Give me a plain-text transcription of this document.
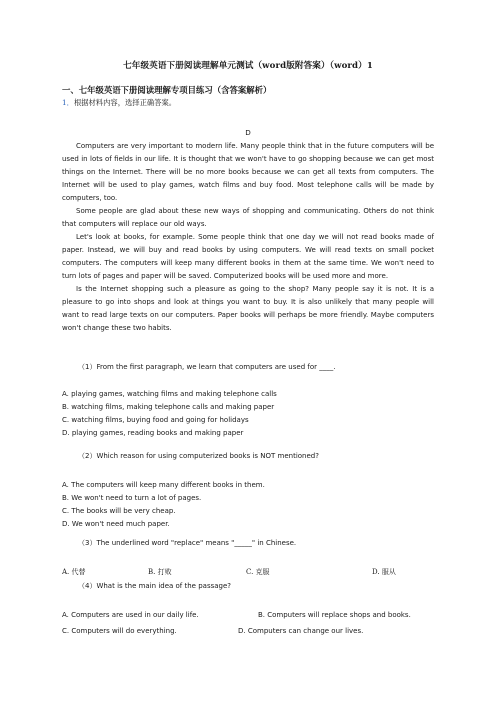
七年级英语下册阅读理解单元测试（word版附答案）（word）1
一、七年级英语下册阅读理解专项目练习（含答案解析）
1．根据材料内容，选择正确答案。
D

Computers are very important to modern life. Many people think that in the future computers will be used in lots of fields in our life. It is thought that we won't have to go shopping because we can get most things on the Internet. There will be no more books because we can get all texts from computers. The Internet will be used to play games, watch films and buy food. Most telephone calls will be made by computers, too.

Some people are glad about these new ways of shopping and communicating. Others do not think that computers will replace our old ways.

Let's look at books, for example. Some people think that one day we will not read books made of paper. Instead, we will buy and read books by using computers. We will read texts on small pocket computers. The computers will keep many different books in them at the same time. We won't need to turn lots of pages and paper will be saved. Computerized books will be used more and more.

Is the Internet shopping such a pleasure as going to the shop? Many people say it is not. It is a pleasure to go into shops and look at things you want to buy. It is also unlikely that many people will want to read large texts on our computers. Paper books will perhaps be more friendly. Maybe computers won't change these two habits.

（1）From the first paragraph, we learn that computers are used for ____.
A. playing games, watching films and making telephone calls
B. watching films, making telephone calls and making paper
C. watching films, buying food and going for holidays
D. playing games, reading books and making paper
（2）Which reason for using computerized books is NOT mentioned?
A. The computers will keep many different books in them.
B. We won't need to turn a lot of pages.
C. The books will be very cheap.
D. We won't need much paper.
（3）The underlined word "replace" means "_____" in Chinese.
A. 代替	B. 打败	C. 克服	D. 服从
（4）What is the main idea of the passage?
A. Computers are used in our daily life.	B. Computers will replace shops and books.
C. Computers will do everything.	D. Computers can change our lives.
